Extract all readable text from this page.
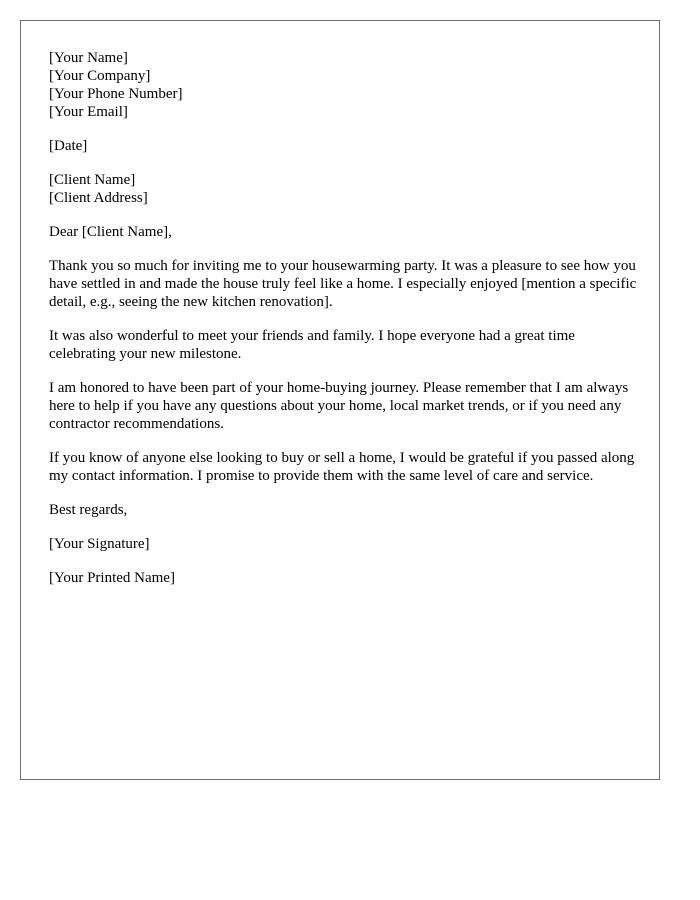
[Your Name]
[Your Company]
[Your Phone Number]
[Your Email]
[Date]
[Client Name]
[Client Address]

Dear [Client Name],

Thank you so much for inviting me to your housewarming party. It was a pleasure to see how you have settled in and made the house truly feel like a home. I especially enjoyed [mention a specific detail, e.g., seeing the new kitchen renovation].

It was also wonderful to meet your friends and family. I hope everyone had a great time celebrating your new milestone.

I am honored to have been part of your home-buying journey. Please remember that I am always here to help if you have any questions about your home, local market trends, or if you need any contractor recommendations.

If you know of anyone else looking to buy or sell a home, I would be grateful if you passed along my contact information. I promise to provide them with the same level of care and service.

Best regards,

[Your Signature]

[Your Printed Name]
